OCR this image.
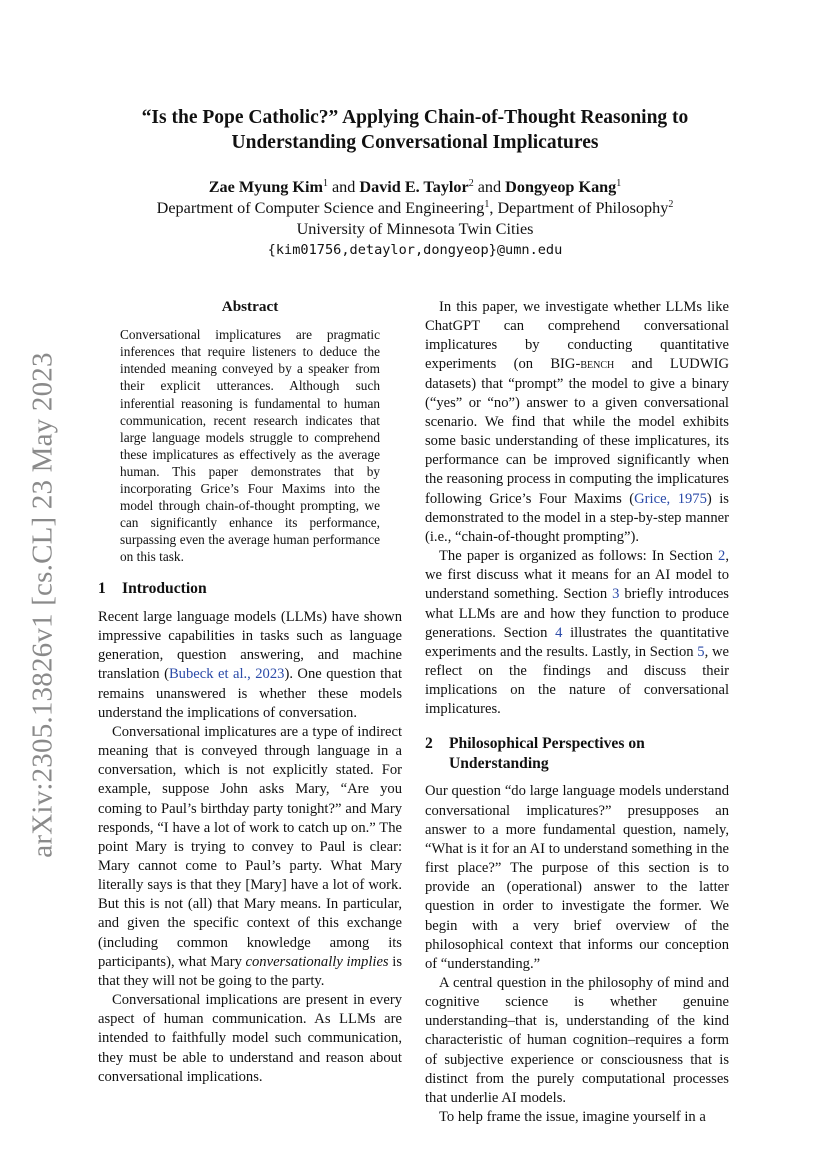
arXiv:2305.13826v1 [cs.CL] 23 May 2023
“Is the Pope Catholic?” Applying Chain-of-Thought Reasoning to
Understanding Conversational Implicatures
Zae Myung Kim$^1$ and David E. Taylor$^2$ and Dongyeop Kang$^1$
Department of Computer Science and Engineering$^1$, Department of Philosophy$^2$
University of Minnesota Twin Cities
{kim01756,detaylor,dongyeop}@umn.edu
Abstract

Conversational implicatures are pragmatic inferences that require listeners to deduce the intended meaning conveyed by a speaker from their explicit utterances. Although such inferential reasoning is fundamental to human communication, recent research indicates that large language models struggle to comprehend these implicatures as effectively as the average human. This paper demonstrates that by incorporating Grice’s Four Maxims into the model through chain-of-thought prompting, we can significantly enhance its performance, surpassing even the average human performance on this task.

1	Introduction

Recent large language models (LLMs) have shown impressive capabilities in tasks such as language generation, question answering, and machine translation (Bubeck et al., 2023). One question that remains unanswered is whether these models understand the implications of conversation.

Conversational implicatures are a type of indirect meaning that is conveyed through language in a conversation, which is not explicitly stated. For example, suppose John asks Mary, “Are you coming to Paul’s birthday party tonight?” and Mary responds, “I have a lot of work to catch up on.” The point Mary is trying to convey to Paul is clear: Mary cannot come to Paul’s party. What Mary literally says is that they [Mary] have a lot of work. But this is not (all) that Mary means. In particular, and given the specific context of this exchange (including common knowledge among its participants), what Mary conversationally implies is that they will not be going to the party.

Conversational implications are present in every aspect of human communication. As LLMs are intended to faithfully model such communication, they must be able to understand and reason about conversational implications.

In this paper, we investigate whether LLMs like ChatGPT can comprehend conversational implicatures by conducting quantitative experiments (on BIG-bench and LUDWIG datasets) that “prompt” the model to give a binary (“yes” or “no”) answer to a given conversational scenario. We find that while the model exhibits some basic understanding of these implicatures, its performance can be improved significantly when the reasoning process in computing the implicatures following Grice’s Four Maxims (Grice, 1975) is demonstrated to the model in a step-by-step manner (i.e., “chain-of-thought prompting”).

The paper is organized as follows: In Section 2, we first discuss what it means for an AI model to understand something. Section 3 briefly introduces what LLMs are and how they function to produce generations. Section 4 illustrates the quantitative experiments and the results. Lastly, in Section 5, we reflect on the findings and discuss their implications on the nature of conversational implicatures.

2	Philosophical Perspectives on
Understanding

Our question “do large language models understand conversational implicatures?” presupposes an answer to a more fundamental question, namely, “What is it for an AI to understand something in the first place?” The purpose of this section is to provide an (operational) answer to the latter question in order to investigate the former. We begin with a very brief overview of the philosophical context that informs our conception of “understanding.”

A central question in the philosophy of mind and cognitive science is whether genuine understanding–that is, understanding of the kind characteristic of human cognition–requires a form of subjective experience or consciousness that is distinct from the purely computational processes that underlie AI models.

To help frame the issue, imagine yourself in a
